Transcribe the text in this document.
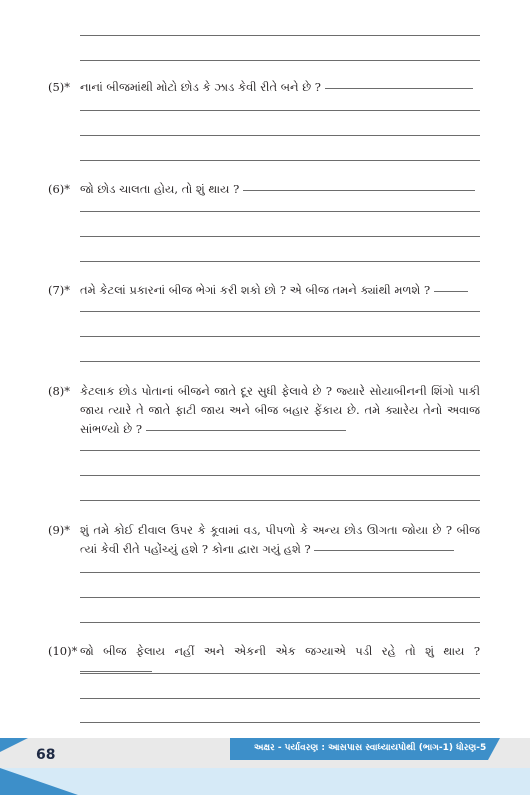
(5)* નાનાં બીજમાંથી મોટો છોડ કે ઝાડ કેવી રીતે બને છે ?
(6)* જો છોડ ચાલતા હોય, તો શું થાય ?
(7)* તમે કેટલાં પ્રકારનાં બીજ ભેગાં કરી શકો છો ? એ બીજ તમને ક્યાંથી મળશે ?
(8)* કેટલાક છોડ પોતાનાં બીજને જાતે દૂર સુધી ફેલાવે છે ? જ્યારે સોયાબીનની શિંગો પાકી જાય ત્યારે તે જાતે ફાટી જાય અને બીજ બહાર ફેંકાય છે. તમે ક્યારેય તેનો અવાજ સાંભળ્યો છે ?
(9)* શું તમે કોઈ દીવાલ ઉપર કે કૂવામાં વડ, પીપળો કે અન્ય છોડ ઊગતા જોયા છે ? બીજ ત્યાં કેવી રીતે પહોંચ્યું હશે ? કોના દ્વારા ગયું હશે ?
(10)* જો બીજ ફેલાય નહીં અને એકની એક જગ્યાએ પડી રહે તો શું થાય ?
68	અક્ષર - પર્યાવરણ : આસપાસ સ્વાધ્યાયપોથી (ભાગ-1) ધોરણ-5
